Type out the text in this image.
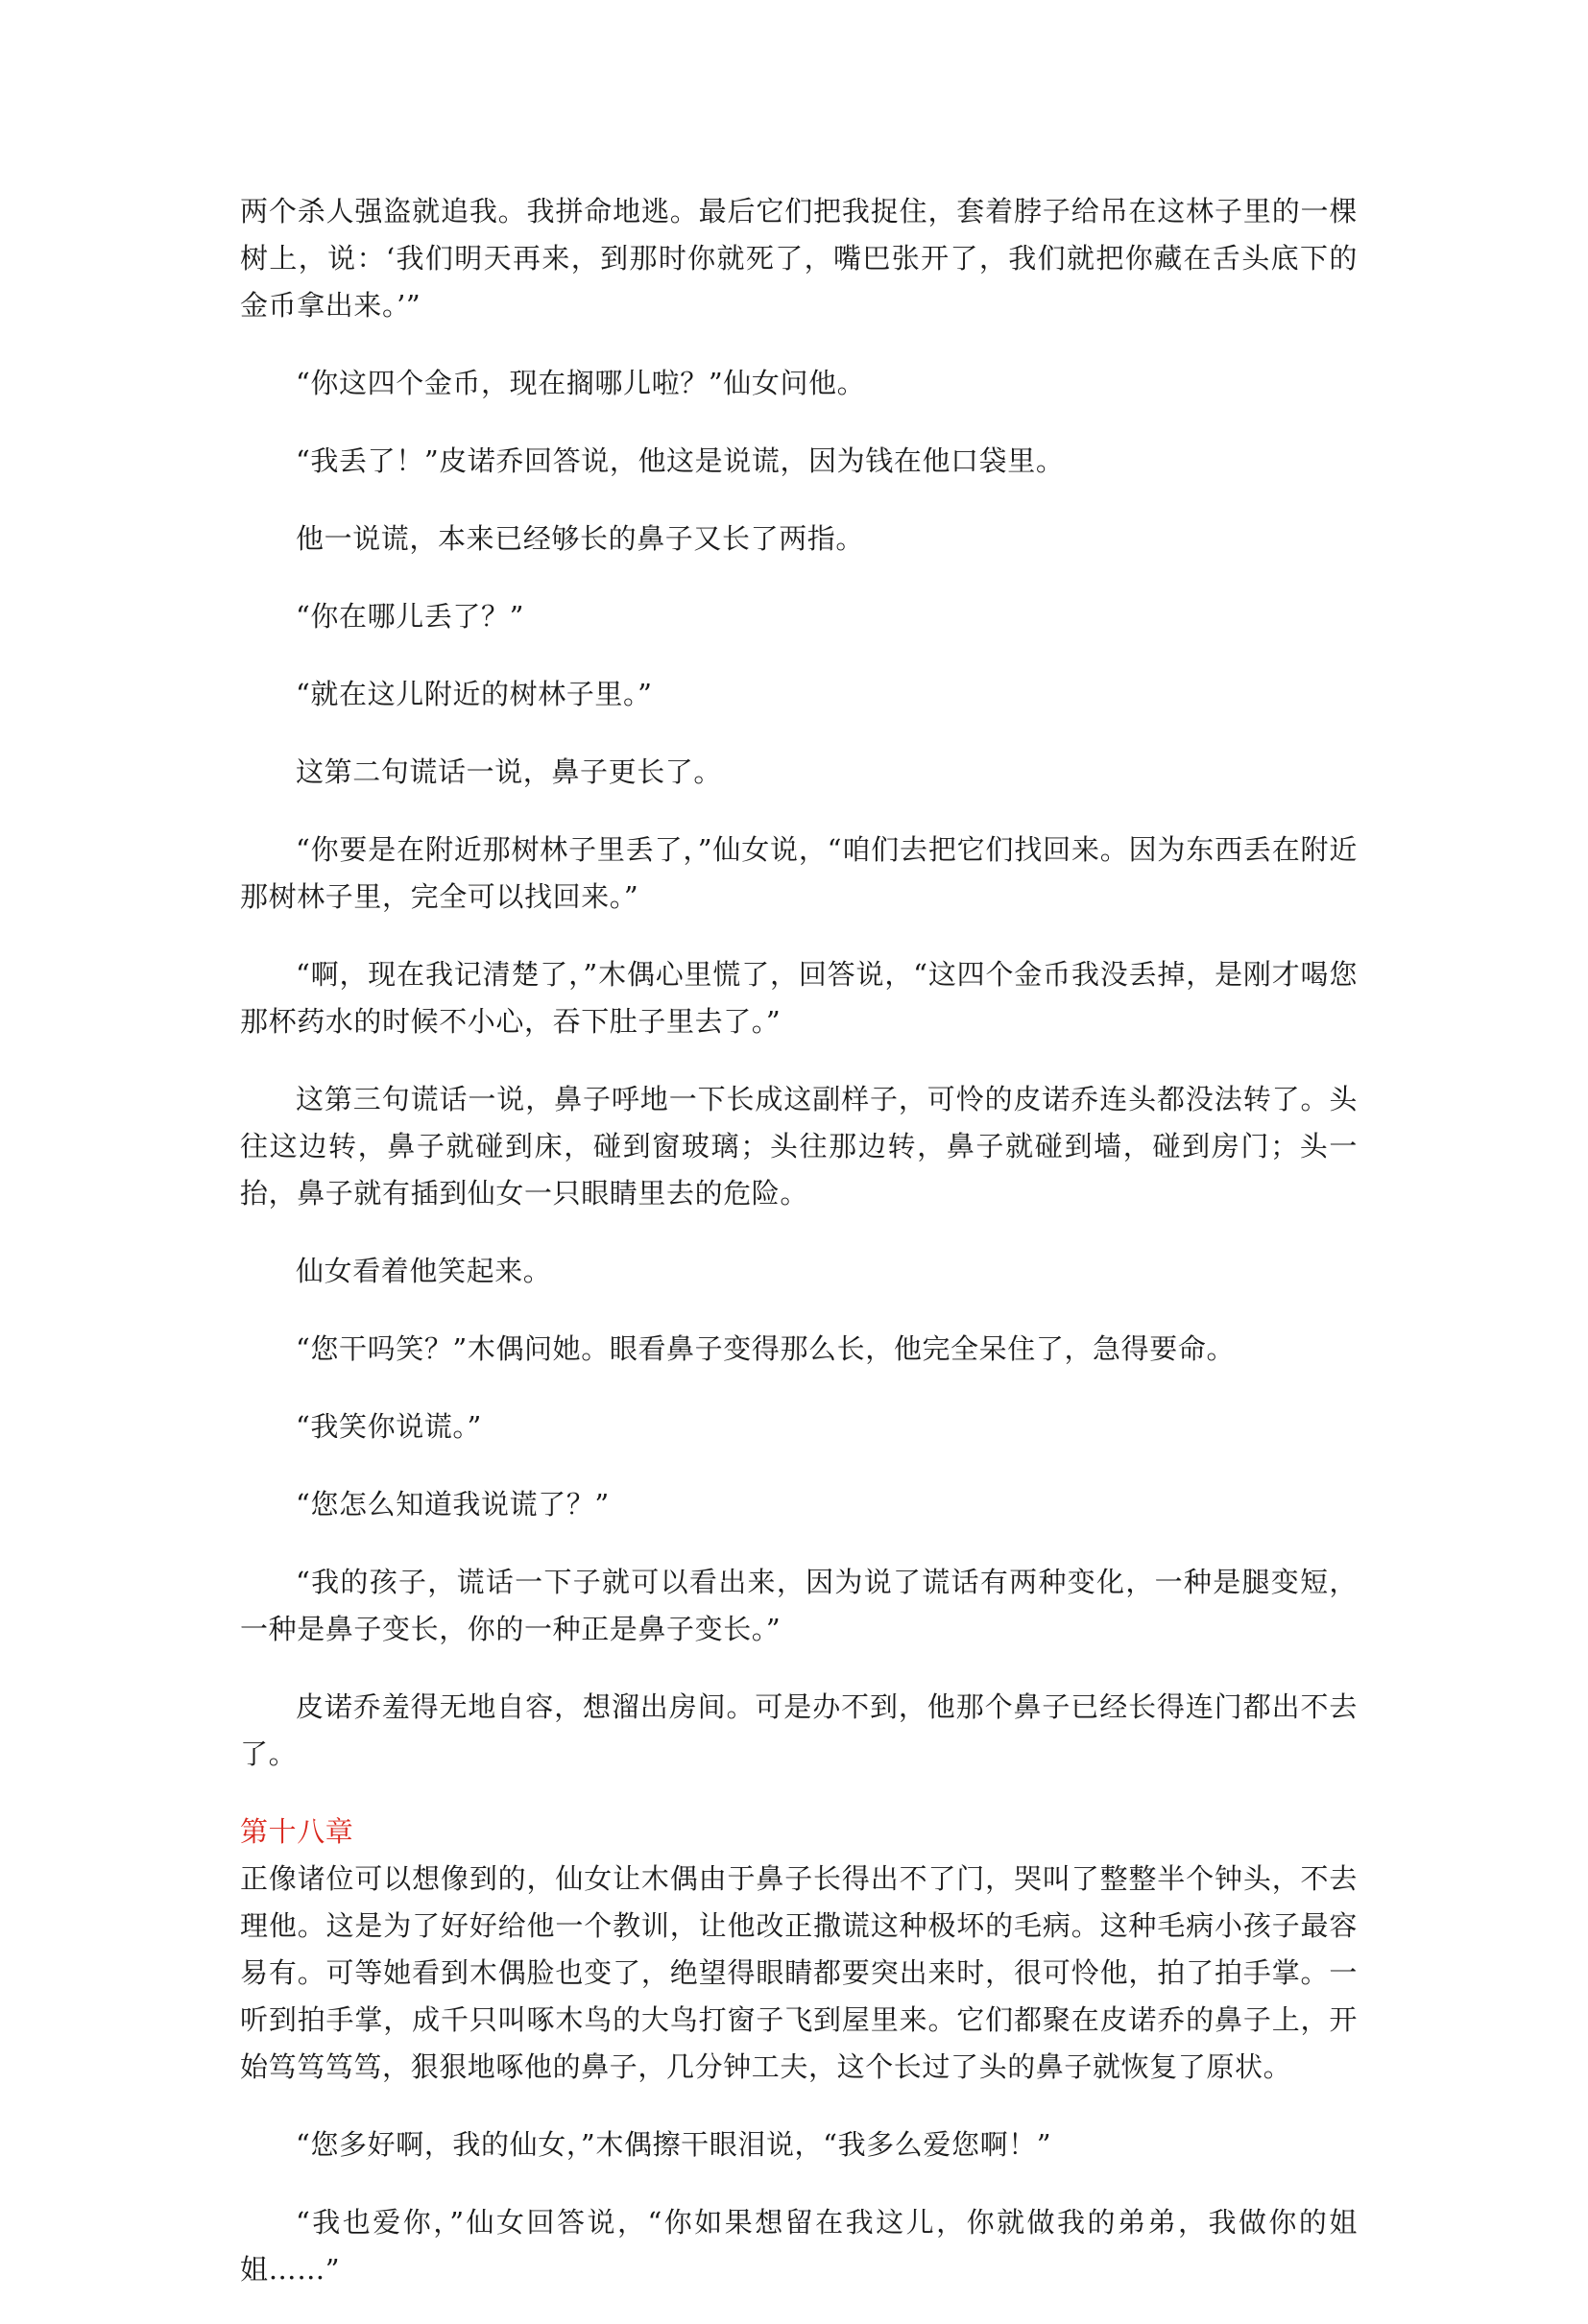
两个杀人强盗就追我。我拼命地逃。最后它们把我捉住，套着脖子给吊在这林子里的一棵树上，说：‘我们明天再来，到那时你就死了，嘴巴张开了，我们就把你藏在舌头底下的金币拿出来。’”

“你这四个金币，现在搁哪儿啦？”仙女问他。

“我丢了！”皮诺乔回答说，他这是说谎，因为钱在他口袋里。

他一说谎，本来已经够长的鼻子又长了两指。

“你在哪儿丢了？”

“就在这儿附近的树林子里。”

这第二句谎话一说，鼻子更长了。

“你要是在附近那树林子里丢了，”仙女说，“咱们去把它们找回来。因为东西丢在附近那树林子里，完全可以找回来。”

“啊，现在我记清楚了，”木偶心里慌了，回答说，“这四个金币我没丢掉，是刚才喝您那杯药水的时候不小心，吞下肚子里去了。”

这第三句谎话一说，鼻子呼地一下长成这副样子，可怜的皮诺乔连头都没法转了。头往这边转，鼻子就碰到床，碰到窗玻璃；头往那边转，鼻子就碰到墙，碰到房门；头一抬，鼻子就有插到仙女一只眼睛里去的危险。

仙女看着他笑起来。

“您干吗笑？”木偶问她。眼看鼻子变得那么长，他完全呆住了，急得要命。

“我笑你说谎。”

“您怎么知道我说谎了？”

“我的孩子，谎话一下子就可以看出来，因为说了谎话有两种变化，一种是腿变短，一种是鼻子变长，你的一种正是鼻子变长。”

皮诺乔羞得无地自容，想溜出房间。可是办不到，他那个鼻子已经长得连门都出不去了。

第十八章

正像诸位可以想像到的，仙女让木偶由于鼻子长得出不了门，哭叫了整整半个钟头，不去理他。这是为了好好给他一个教训，让他改正撒谎这种极坏的毛病。这种毛病小孩子最容易有。可等她看到木偶脸也变了，绝望得眼睛都要突出来时，很可怜他，拍了拍手掌。一听到拍手掌，成千只叫啄木鸟的大鸟打窗子飞到屋里来。它们都聚在皮诺乔的鼻子上，开始笃笃笃笃，狠狠地啄他的鼻子，几分钟工夫，这个长过了头的鼻子就恢复了原状。

“您多好啊，我的仙女，”木偶擦干眼泪说，“我多么爱您啊！”

“我也爱你，”仙女回答说，“你如果想留在我这儿，你就做我的弟弟，我做你的姐姐……”
